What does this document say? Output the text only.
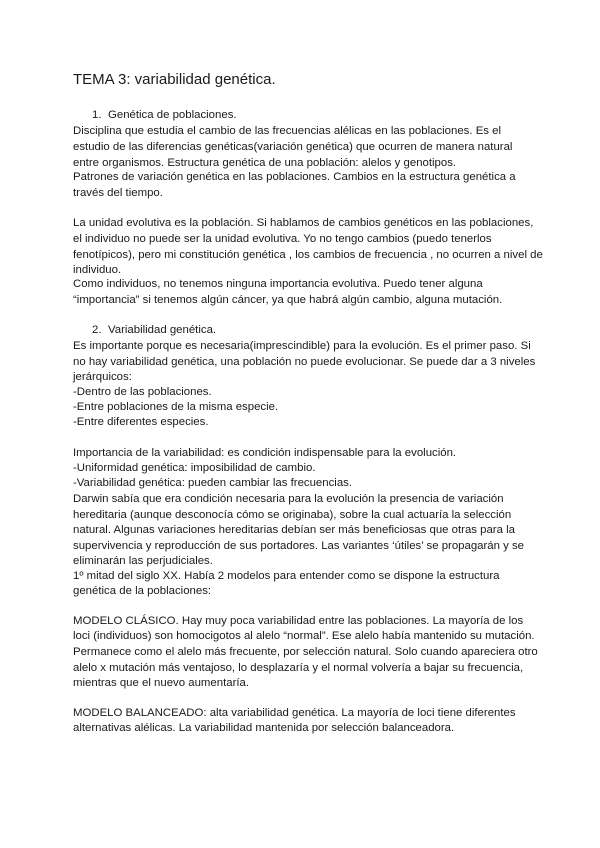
TEMA 3: variabilidad genética.
1. Genética de poblaciones.
Disciplina que estudia el cambio de las frecuencias alélicas en las poblaciones. Es el
estudio de las diferencias genéticas(variación genética) que ocurren de manera natural
entre organismos. Estructura genética de una población: alelos y genotipos.
Patrones de variación genética en las poblaciones. Cambios en la estructura genética a
través del tiempo.
La unidad evolutiva es la población. Si hablamos de cambios genéticos en las poblaciones,
el individuo no puede ser la unidad evolutiva. Yo no tengo cambios (puedo tenerlos
fenotípicos), pero mi constitución genética , los cambios de frecuencia , no ocurren a nivel de
individuo.
Como individuos, no tenemos ninguna importancia evolutiva. Puedo tener alguna
“importancia” si tenemos algún cáncer, ya que habrá algún cambio, alguna mutación.
2. Variabilidad genética.
Es importante porque es necesaria(imprescindible) para la evolución. Es el primer paso. Si
no hay variabilidad genética, una población no puede evolucionar. Se puede dar a 3 niveles
jerárquicos:
-Dentro de las poblaciones.
-Entre poblaciones de la misma especie.
-Entre diferentes especies.
Importancia de la variabilidad: es condición indispensable para la evolución.
-Uniformidad genética: imposibilidad de cambio.
-Variabilidad genética: pueden cambiar las frecuencias.
Darwin sabía que era condición necesaria para la evolución la presencia de variación
hereditaria (aunque desconocía cómo se originaba), sobre la cual actuaría la selección
natural. Algunas variaciones hereditarias debían ser más beneficiosas que otras para la
supervivencia y reproducción de sus portadores. Las variantes ‘útiles’ se propagarán y se
eliminarán las perjudiciales.
1º mitad del siglo XX. Había 2 modelos para entender como se dispone la estructura
genética de la poblaciones:
MODELO CLÁSICO. Hay muy poca variabilidad entre las poblaciones. La mayoría de los
loci (individuos) son homocigotos al alelo “normal”. Ese alelo había mantenido su mutación.
Permanece como el alelo más frecuente, por selección natural. Solo cuando apareciera otro
alelo x mutación más ventajoso, lo desplazaría y el normal volvería a bajar su frecuencia,
mientras que el nuevo aumentaría.
MODELO BALANCEADO: alta variabilidad genética. La mayoría de loci tiene diferentes
alternativas alélicas. La variabilidad mantenida por selección balanceadora.
